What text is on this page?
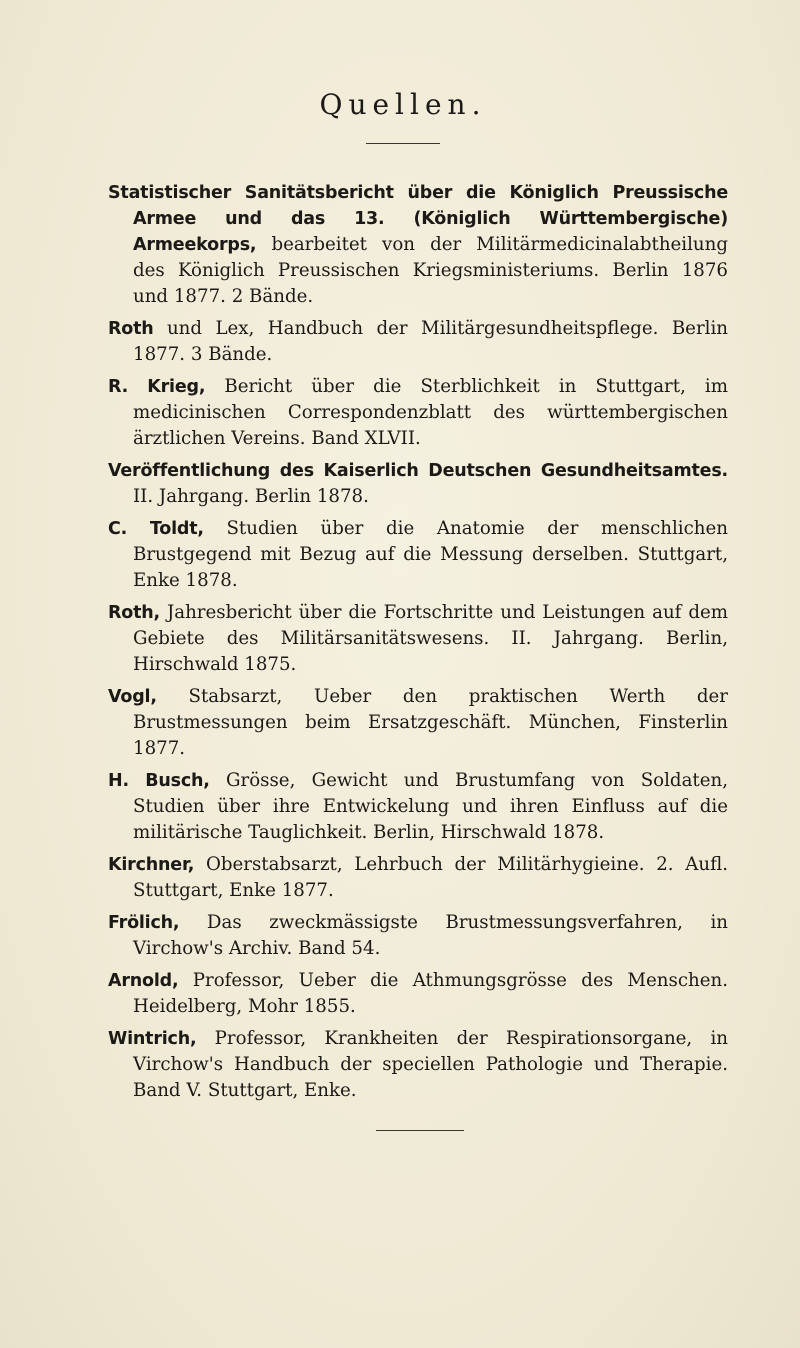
Quellen.
Statistischer Sanitätsbericht über die Königlich Preussische Armee und das 13. (Königlich Württembergische) Armeekorps, bearbeitet von der Militärmedicinalabtheilung des Königlich Preussischen Kriegsministeriums. Berlin 1876 und 1877. 2 Bände.
Roth und Lex, Handbuch der Militärgesundheitspflege. Berlin 1877. 3 Bände.
R. Krieg, Bericht über die Sterblichkeit in Stuttgart, im medicinischen Correspondenzblatt des württembergischen ärztlichen Vereins. Band XLVII.
Veröffentlichung des Kaiserlich Deutschen Gesundheitsamtes. II. Jahrgang. Berlin 1878.
C. Toldt, Studien über die Anatomie der menschlichen Brustgegend mit Bezug auf die Messung derselben. Stuttgart, Enke 1878.
Roth, Jahresbericht über die Fortschritte und Leistungen auf dem Gebiete des Militärsanitätswesens. II. Jahrgang. Berlin, Hirschwald 1875.
Vogl, Stabsarzt, Ueber den praktischen Werth der Brustmessungen beim Ersatzgeschäft. München, Finsterlin 1877.
H. Busch, Grösse, Gewicht und Brustumfang von Soldaten, Studien über ihre Entwickelung und ihren Einfluss auf die militärische Tauglichkeit. Berlin, Hirschwald 1878.
Kirchner, Oberstabsarzt, Lehrbuch der Militärhygieine. 2. Aufl. Stuttgart, Enke 1877.
Frölich, Das zweckmässigste Brustmessungsverfahren, in Virchow's Archiv. Band 54.
Arnold, Professor, Ueber die Athmungsgrösse des Menschen. Heidelberg, Mohr 1855.
Wintrich, Professor, Krankheiten der Respirationsorgane, in Virchow's Handbuch der speciellen Pathologie und Therapie. Band V. Stuttgart, Enke.
